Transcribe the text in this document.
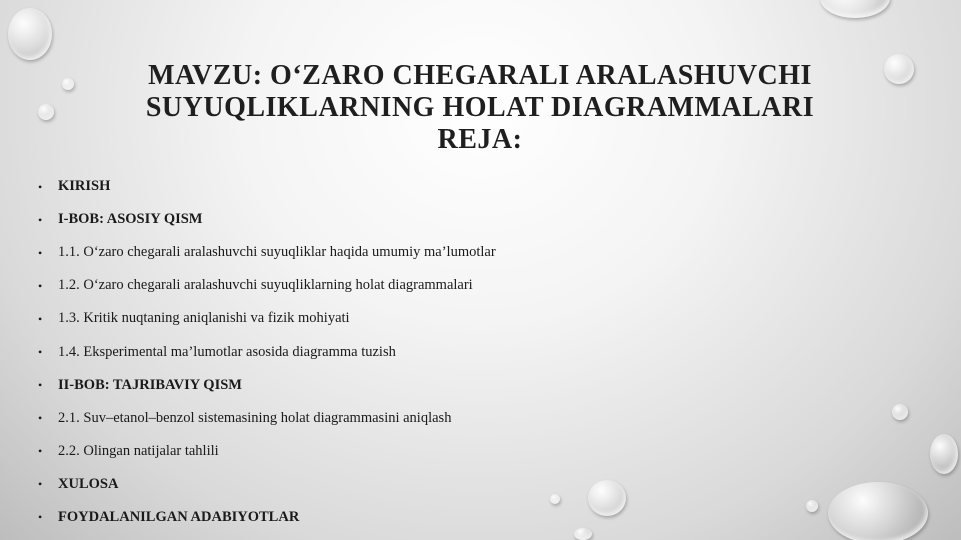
MAVZU: O‘ZARO CHEGARALI ARALASHUVCHI
SUYUQLIKLARNING HOLAT DIAGRAMMALARI
REJA:
•	KIRISH
•	I-BOB: ASOSIY QISM
•	1.1. O‘zaro chegarali aralashuvchi suyuqliklar haqida umumiy ma’lumotlar
•	1.2. O‘zaro chegarali aralashuvchi suyuqliklarning holat diagrammalari
•	1.3. Kritik nuqtaning aniqlanishi va fizik mohiyati
•	1.4. Eksperimental ma’lumotlar asosida diagramma tuzish
•	II-BOB: TAJRIBAVIY QISM
•	2.1. Suv–etanol–benzol sistemasining holat diagrammasini aniqlash
•	2.2. Olingan natijalar tahlili
•	XULOSA
•	FOYDALANILGAN ADABIYOTLAR
